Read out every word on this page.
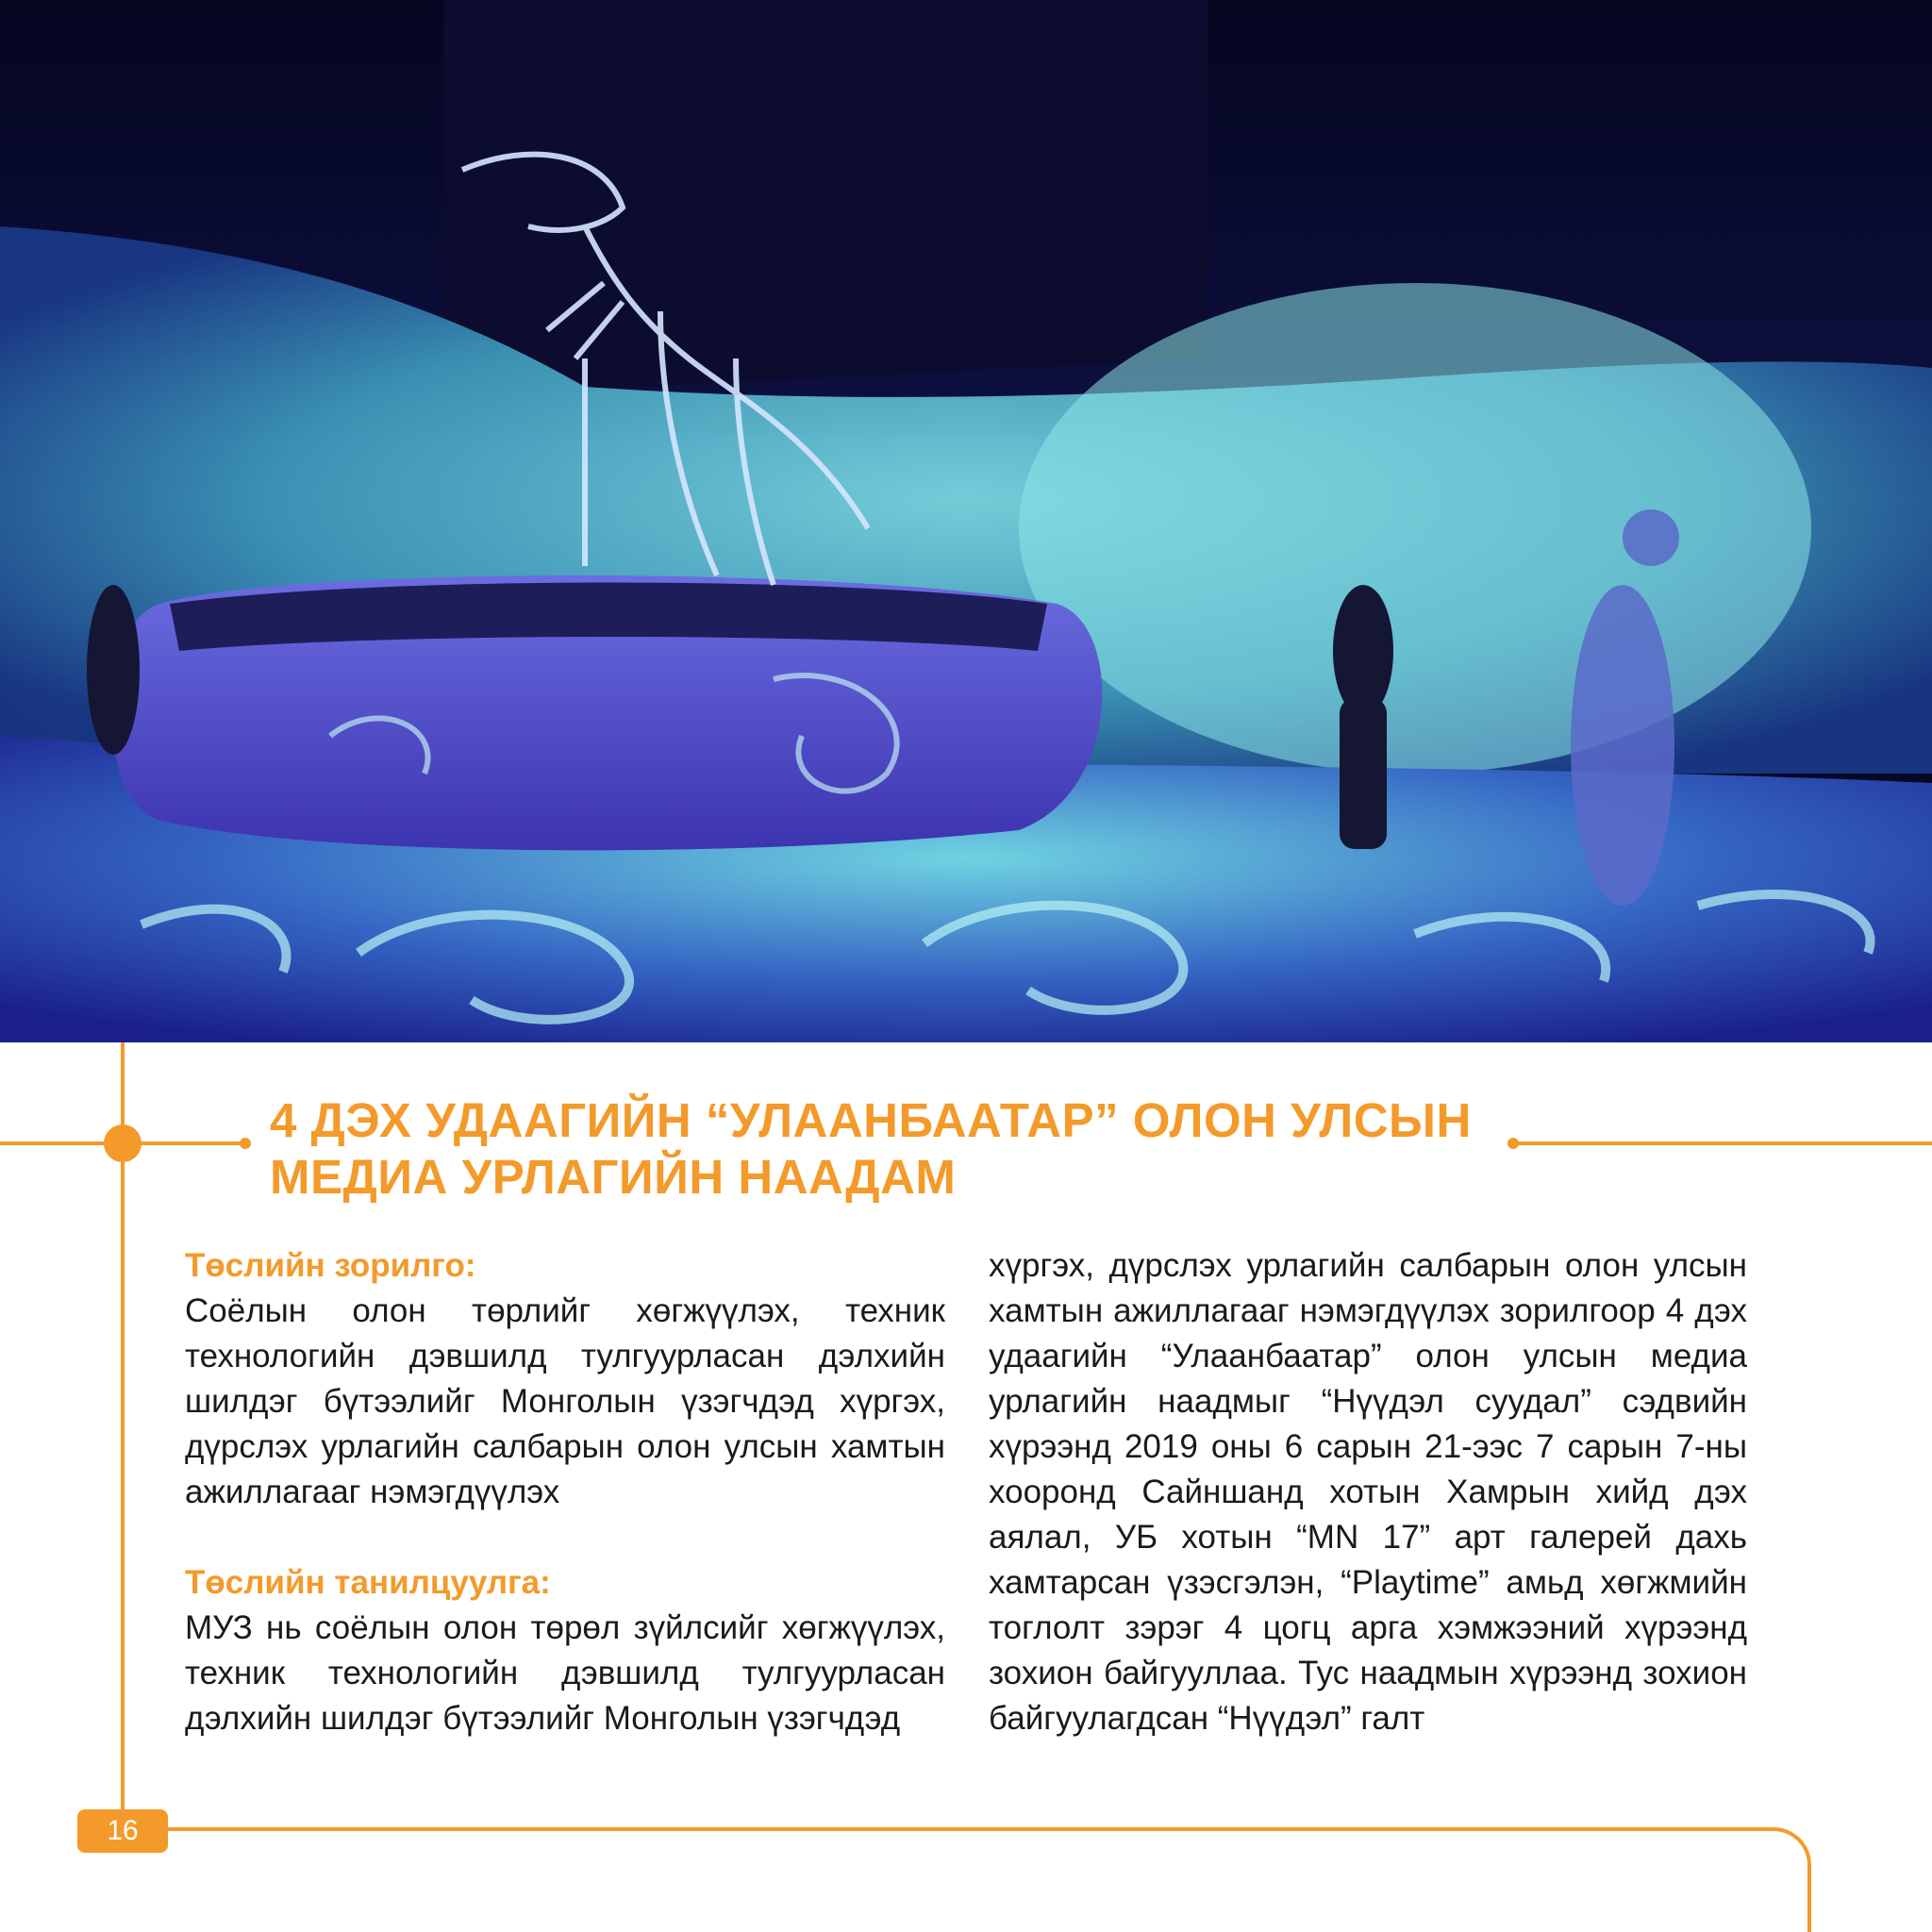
4 ДЭХ УДААГИЙН “УЛААНБААТАР” ОЛОН УЛСЫН
МЕДИА УРЛАГИЙН НААДАМ
Төслийн зорилго:

Соёлын олон төрлийг хөгжүүлэх, техник технологийн дэвшилд тулгуурласан дэлхийн шилдэг бүтээлийг Монголын үзэгчдэд хүргэх, дүрслэх урлагийн салбарын олон улсын хамтын ажиллагааг нэмэгдүүлэх

Төслийн танилцуулга:

МУЗ нь соёлын олон төрөл зүйлсийг хөгжүүлэх, техник технологийн дэвшилд тулгуурласан дэлхийн шилдэг бүтээлийг Монголын үзэгчдэд

хүргэх, дүрслэх урлагийн салбарын олон улсын хамтын ажиллагааг нэмэгдүүлэх зорилгоор 4 дэх удаагийн “Улаанбаатар” олон улсын медиа урлагийн наадмыг “Нүүдэл суудал” сэдвийн хүрээнд 2019 оны 6 сарын 21-ээс 7 сарын 7-ны хооронд Сайншанд хотын Хамрын хийд дэх аялал, УБ хотын “MN 17” арт галерей дахь хамтарсан үзэсгэлэн, “Playtime” амьд хөгжмийн тоглолт зэрэг 4 цогц арга хэмжээний хүрээнд зохион байгууллаа. Тус наадмын хүрээнд зохион байгуулагдсан “Нүүдэл” галт

16
